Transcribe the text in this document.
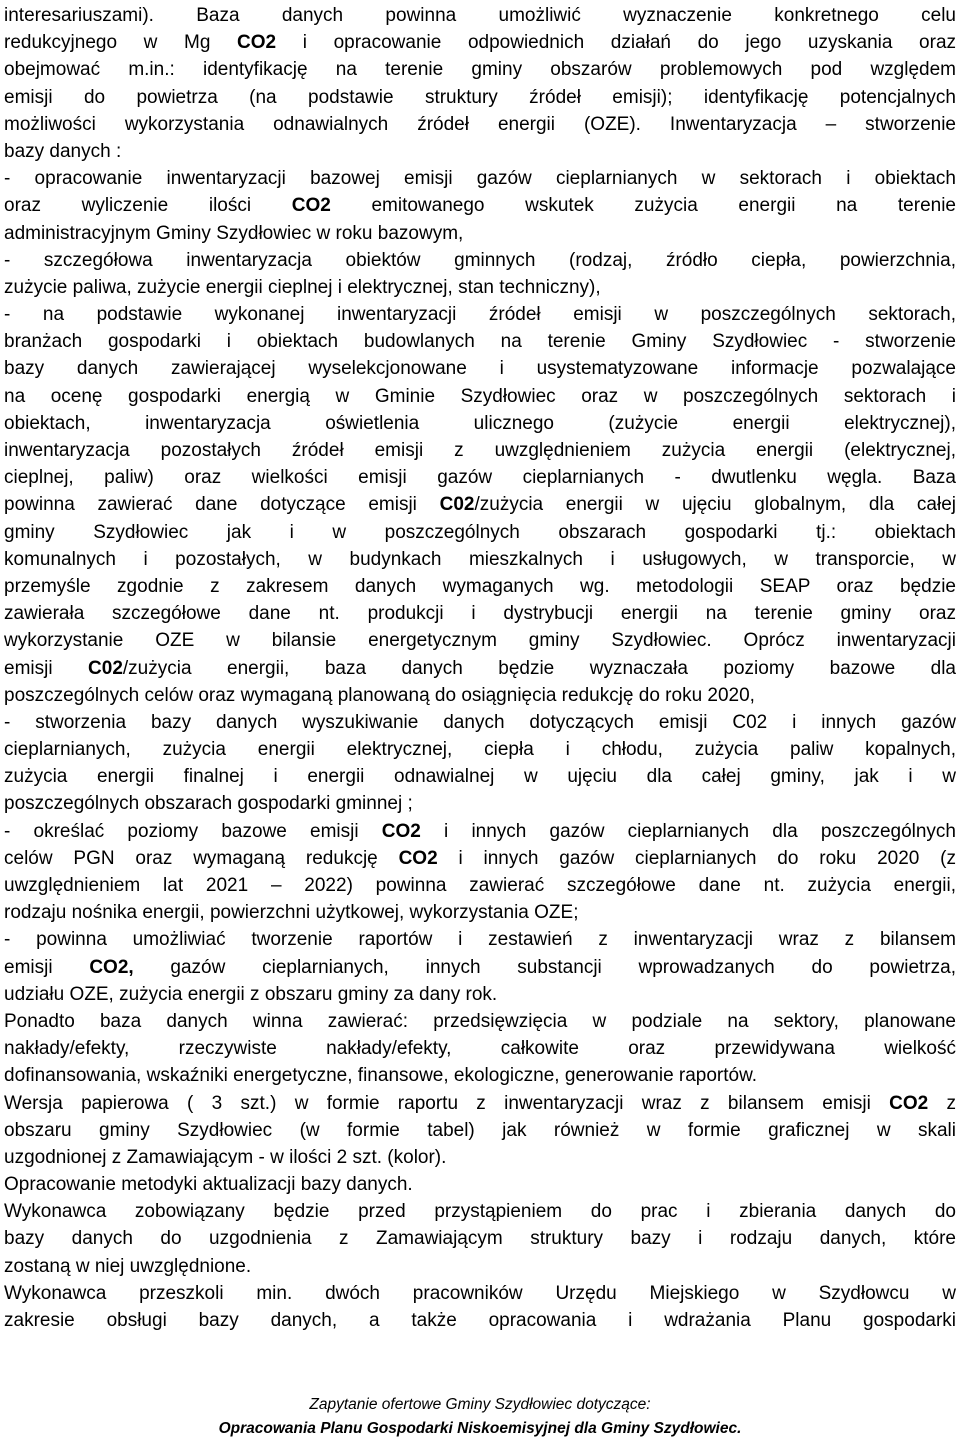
interesariuszami). Baza danych powinna umożliwić wyznaczenie konkretnego celu
redukcyjnego w Mg CO2 i opracowanie odpowiednich działań do jego uzyskania oraz
obejmować m.in.: identyfikację na terenie gminy obszarów problemowych pod względem
emisji do powietrza (na podstawie struktury źródeł emisji); identyfikację potencjalnych
możliwości wykorzystania odnawialnych źródeł energii (OZE). Inwentaryzacja – stworzenie
bazy danych :
- opracowanie inwentaryzacji bazowej emisji gazów cieplarnianych w sektorach i obiektach
oraz wyliczenie ilości CO2 emitowanego wskutek zużycia energii na terenie
administracyjnym Gminy Szydłowiec w roku bazowym,
- szczegółowa inwentaryzacja obiektów gminnych (rodzaj, źródło ciepła, powierzchnia,
zużycie paliwa, zużycie energii cieplnej i elektrycznej, stan techniczny),
- na podstawie wykonanej inwentaryzacji źródeł emisji w poszczególnych sektorach,
branżach gospodarki i obiektach budowlanych na terenie Gminy Szydłowiec - stworzenie
bazy danych zawierającej wyselekcjonowane i usystematyzowane informacje pozwalające
na ocenę gospodarki energią w Gminie Szydłowiec oraz w poszczególnych sektorach i
obiektach, inwentaryzacja oświetlenia ulicznego (zużycie energii elektrycznej),
inwentaryzacja pozostałych źródeł emisji z uwzględnieniem zużycia energii (elektrycznej,
cieplnej, paliw) oraz wielkości emisji gazów cieplarnianych - dwutlenku węgla. Baza
powinna zawierać dane dotyczące emisji C02/zużycia energii w ujęciu globalnym, dla całej
gminy Szydłowiec jak i w poszczególnych obszarach gospodarki tj.: obiektach
komunalnych i pozostałych, w budynkach mieszkalnych i usługowych, w transporcie, w
przemyśle zgodnie z zakresem danych wymaganych wg. metodologii SEAP oraz będzie
zawierała szczegółowe dane nt. produkcji i dystrybucji energii na terenie gminy oraz
wykorzystanie OZE w bilansie energetycznym gminy Szydłowiec. Oprócz inwentaryzacji
emisji C02/zużycia energii, baza danych będzie wyznaczała poziomy bazowe dla
poszczególnych celów oraz wymaganą planowaną do osiągnięcia redukcję do roku 2020,
- stworzenia bazy danych wyszukiwanie danych dotyczących emisji C02 i innych gazów
cieplarnianych, zużycia energii elektrycznej, ciepła i chłodu, zużycia paliw kopalnych,
zużycia energii finalnej i energii odnawialnej w ujęciu dla całej gminy, jak i w
poszczególnych obszarach gospodarki gminnej ;
- określać poziomy bazowe emisji CO2 i innych gazów cieplarnianych dla poszczególnych
celów PGN oraz wymaganą redukcję CO2 i innych gazów cieplarnianych do roku 2020 (z
uwzględnieniem lat 2021 – 2022) powinna zawierać szczegółowe dane nt. zużycia energii,
rodzaju nośnika energii, powierzchni użytkowej, wykorzystania OZE;
- powinna umożliwiać tworzenie raportów i zestawień z inwentaryzacji wraz z bilansem
emisji CO2, gazów cieplarnianych, innych substancji wprowadzanych do powietrza,
udziału OZE, zużycia energii z obszaru gminy za dany rok.
Ponadto baza danych winna zawierać: przedsięwzięcia w podziale na sektory, planowane
nakłady/efekty, rzeczywiste nakłady/efekty, całkowite oraz przewidywana wielkość
dofinansowania, wskaźniki energetyczne, finansowe, ekologiczne, generowanie raportów.
Wersja papierowa ( 3 szt.) w formie raportu z inwentaryzacji wraz z bilansem emisji CO2 z
obszaru gminy Szydłowiec (w formie tabel) jak również w formie graficznej w skali
uzgodnionej z Zamawiającym - w ilości 2 szt. (kolor).
Opracowanie metodyki aktualizacji bazy danych.
Wykonawca zobowiązany będzie przed przystąpieniem do prac i zbierania danych do
bazy danych do uzgodnienia z Zamawiającym struktury bazy i rodzaju danych, które
zostaną w niej uwzględnione.
Wykonawca przeszkoli min. dwóch pracowników Urzędu Miejskiego w Szydłowcu w
zakresie obsługi bazy danych, a także opracowania i wdrażania Planu gospodarki
Zapytanie ofertowe Gminy Szydłowiec dotyczące:
Opracowania Planu Gospodarki Niskoemisyjnej dla Gminy Szydłowiec.
